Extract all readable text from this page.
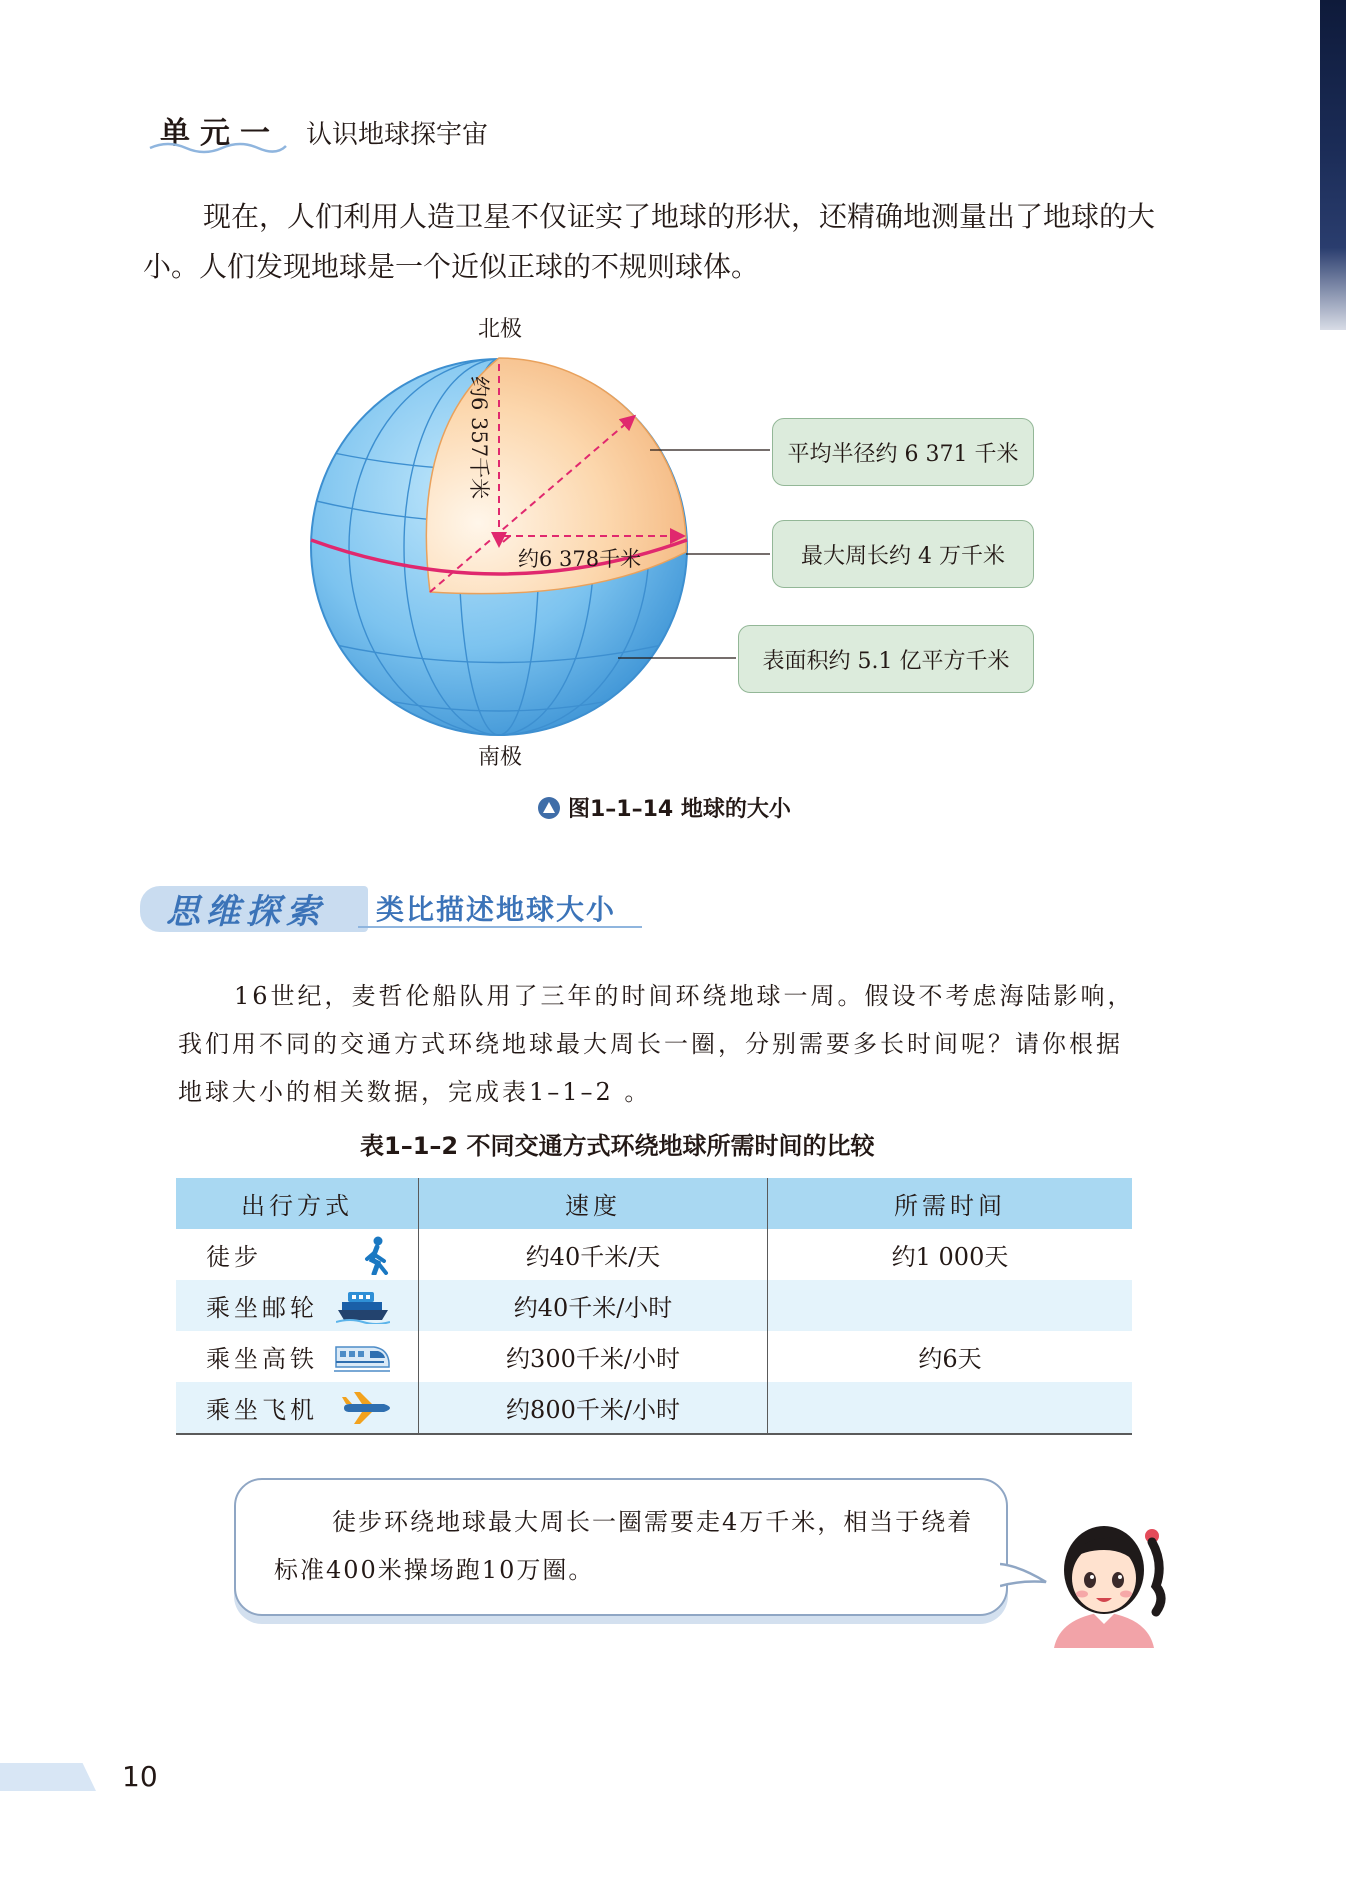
单元一 认识地球探宇宙
现在，人们利用人造卫星不仅证实了地球的形状，还精确地测量出了地球的大小。人们发现地球是一个近似正球的不规则球体。
北极
南极
约6 357千米
约6 378千米
平均半径约 6 371 千米
最大周长约 4 万千米
表面积约 5.1 亿平方千米
图1–1–14 地球的大小
思维探索 类比描述地球大小
16世纪，麦哲伦船队用了三年的时间环绕地球一周。假设不考虑海陆影响，我们用不同的交通方式环绕地球最大周长一圈，分别需要多长时间呢？请你根据地球大小的相关数据，完成表1–1–2 。
表1–1–2 不同交通方式环绕地球所需时间的比较
出行方式	速度	所需时间

徒步	约40千米/天	约1 000天

乘坐邮轮	约40千米/小时	

乘坐高铁	约300千米/小时	约6天

乘坐飞机	约800千米/小时	
徒步环绕地球最大周长一圈需要走4万千米，相当于绕着标准400米操场跑10万圈。
10
